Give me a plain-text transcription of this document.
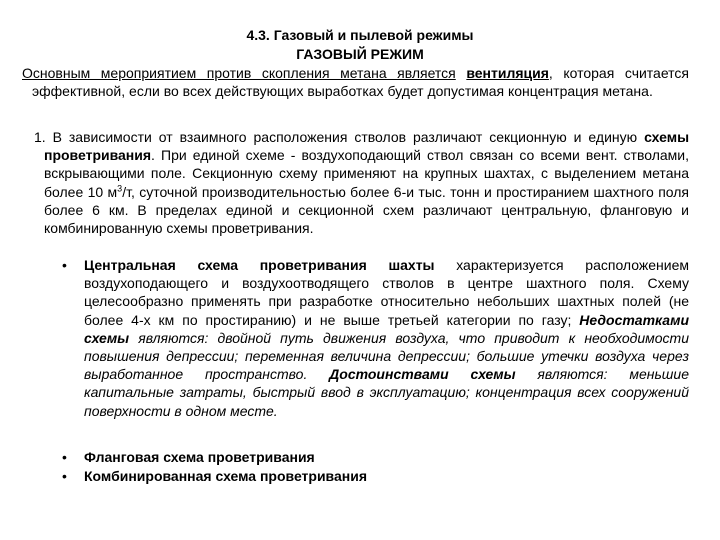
4.3. Газовый и пылевой режимы
ГАЗОВЫЙ РЕЖИМ

Основным мероприятием против скопления метана является вентиляция, которая считается эффективной, если во всех действующих выработках будет допустимая концентрация метана.

1. В зависимости от взаимного расположения стволов различают секционную и единую схемы проветривания. При единой схеме - воздухоподающий ствол связан со всеми вент. стволами, вскрывающими поле. Секционную схему применяют на крупных шахтах, с выделением метана более 10 $м^3/т$, суточной производительностью более 6-и тыс. тонн и простиранием шахтного поля более 6 км. В пределах единой и секционной схем различают центральную, фланговую и комбинированную схемы проветривания.

•	Центральная схема проветривания шахты характеризуется расположением воздухоподающего и воздухоотводящего стволов в центре шахтного поля. Схему целесообразно применять при разработке относительно небольших шахтных полей (не более 4-х км по простиранию) и не выше третьей категории по газу; Недостатками схемы являются: двойной путь движения воздуха, что приводит к необходимости повышения депрессии; переменная величина депрессии; большие утечки воздуха через выработанное пространство. Достоинствами схемы являются: меньшие капитальные затраты, быстрый ввод в эксплуатацию; концентрация всех сооружений поверхности в одном месте.
•	Фланговая схема проветривания
•	Комбинированная схема проветривания
